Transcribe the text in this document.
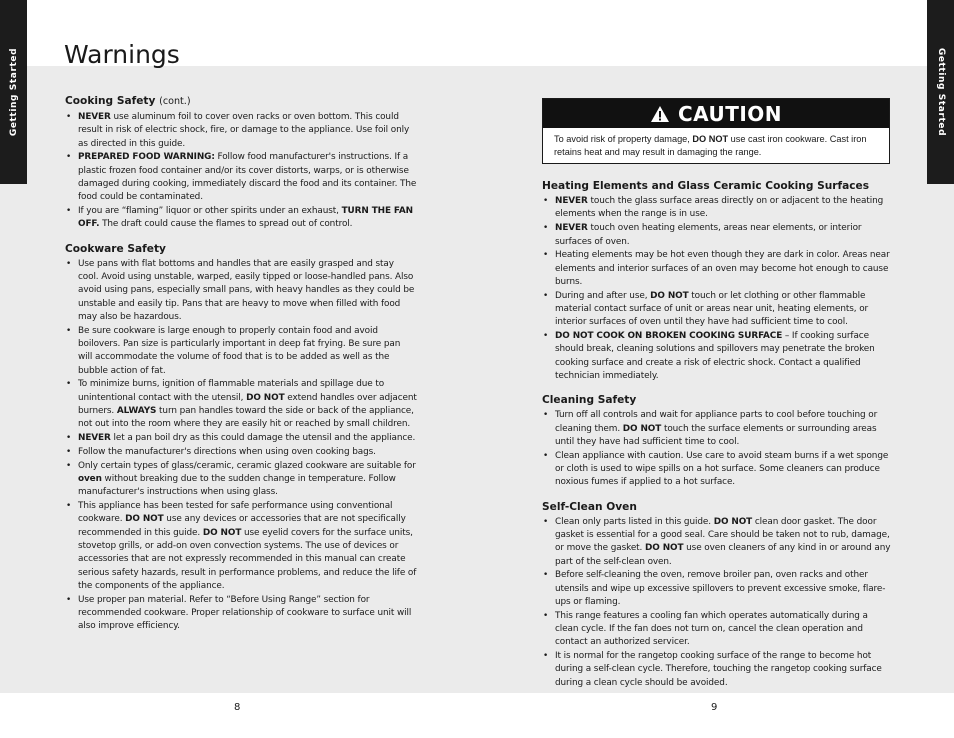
Getting Started	Getting Started
Warnings
Cooking Safety (cont.)
• NEVER use aluminum foil to cover oven racks or oven bottom. This could result in risk of electric shock, fire, or damage to the appliance. Use foil only as directed in this guide.
• PREPARED FOOD WARNING: Follow food manufacturer's instructions. If a plastic frozen food container and/or its cover distorts, warps, or is otherwise damaged during cooking, immediately discard the food and its container. The food could be contaminated.
• If you are “flaming” liquor or other spirits under an exhaust, TURN THE FAN OFF. The draft could cause the flames to spread out of control.
Cookware Safety
• Use pans with flat bottoms and handles that are easily grasped and stay cool. Avoid using unstable, warped, easily tipped or loose-handled pans. Also avoid using pans, especially small pans, with heavy handles as they could be unstable and easily tip. Pans that are heavy to move when filled with food may also be hazardous.
• Be sure cookware is large enough to properly contain food and avoid boilovers. Pan size is particularly important in deep fat frying. Be sure pan will accommodate the volume of food that is to be added as well as the bubble action of fat.
• To minimize burns, ignition of flammable materials and spillage due to unintentional contact with the utensil, DO NOT extend handles over adjacent burners. ALWAYS turn pan handles toward the side or back of the appliance, not out into the room where they are easily hit or reached by small children.
• NEVER let a pan boil dry as this could damage the utensil and the appliance.
• Follow the manufacturer's directions when using oven cooking bags.
• Only certain types of glass/ceramic, ceramic glazed cookware are suitable for oven without breaking due to the sudden change in temperature. Follow manufacturer's instructions when using glass.
• This appliance has been tested for safe performance using conventional cookware. DO NOT use any devices or accessories that are not specifically recommended in this guide. DO NOT use eyelid covers for the surface units, stovetop grills, or add-on oven convection systems. The use of devices or accessories that are not expressly recommended in this manual can create serious safety hazards, result in performance problems, and reduce the life of the components of the appliance.
• Use proper pan material. Refer to “Before Using Range” section for recommended cookware. Proper relationship of cookware to surface unit will also improve efficiency.
CAUTION
To avoid risk of property damage, DO NOT use cast iron cookware. Cast iron retains heat and may result in damaging the range.
Heating Elements and Glass Ceramic Cooking Surfaces
• NEVER touch the glass surface areas directly on or adjacent to the heating elements when the range is in use.
• NEVER touch oven heating elements, areas near elements, or interior surfaces of oven.
• Heating elements may be hot even though they are dark in color. Areas near elements and interior surfaces of an oven may become hot enough to cause burns.
• During and after use, DO NOT touch or let clothing or other flammable material contact surface of unit or areas near unit, heating elements, or interior surfaces of oven until they have had sufficient time to cool.
• DO NOT COOK ON BROKEN COOKING SURFACE – If cooking surface should break, cleaning solutions and spillovers may penetrate the broken cooking surface and create a risk of electric shock. Contact a qualified technician immediately.
Cleaning Safety
• Turn off all controls and wait for appliance parts to cool before touching or cleaning them. DO NOT touch the surface elements or surrounding areas until they have had sufficient time to cool.
• Clean appliance with caution. Use care to avoid steam burns if a wet sponge or cloth is used to wipe spills on a hot surface. Some cleaners can produce noxious fumes if applied to a hot surface.
Self-Clean Oven
• Clean only parts listed in this guide. DO NOT clean door gasket. The door gasket is essential for a good seal. Care should be taken not to rub, damage, or move the gasket. DO NOT use oven cleaners of any kind in or around any part of the self-clean oven.
• Before self-cleaning the oven, remove broiler pan, oven racks and other utensils and wipe up excessive spillovers to prevent excessive smoke, flare-ups or flaming.
• This range features a cooling fan which operates automatically during a clean cycle. If the fan does not turn on, cancel the clean operation and contact an authorized servicer.
• It is normal for the rangetop cooking surface of the range to become hot during a self-clean cycle. Therefore, touching the rangetop cooking surface during a clean cycle should be avoided.
8	9
